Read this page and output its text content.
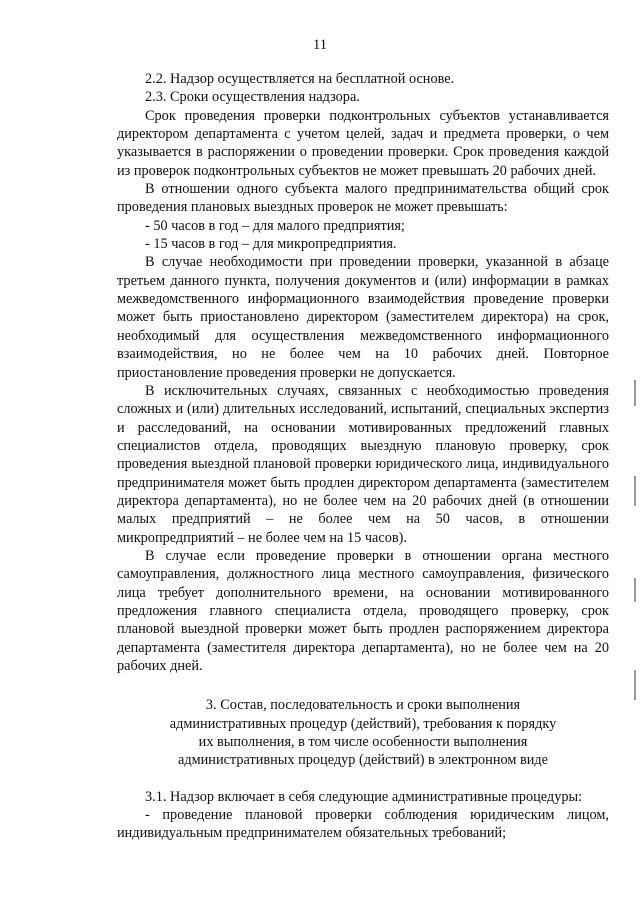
11

2.2. Надзор осуществляется на бесплатной основе.

2.3. Сроки осуществления надзора.

Срок проведения проверки подконтрольных субъектов устанавливается директором департамента с учетом целей, задач и предмета проверки, о чем указывается в распоряжении о проведении проверки. Срок проведения каждой из проверок подконтрольных субъектов не может превышать 20 рабочих дней.

В отношении одного субъекта малого предпринимательства общий срок проведения плановых выездных проверок не может превышать:

- 50 часов в год – для малого предприятия;

- 15 часов в год – для микропредприятия.

В случае необходимости при проведении проверки, указанной в абзаце третьем данного пункта, получения документов и (или) информации в рамках межведомственного информационного взаимодействия проведение проверки может быть приостановлено директором (заместителем директора) на срок, необходимый для осуществления межведомственного информационного взаимодействия, но не более чем на 10 рабочих дней. Повторное приостановление проведения проверки не допускается.

В исключительных случаях, связанных с необходимостью проведения сложных и (или) длительных исследований, испытаний, специальных экспертиз и расследований, на основании мотивированных предложений главных специалистов отдела, проводящих выездную плановую проверку, срок проведения выездной плановой проверки юридического лица, индивидуального предпринимателя может быть продлен директором департамента (заместителем директора департамента), но не более чем на 20 рабочих дней (в отношении малых предприятий – не более чем на 50 часов, в отношении микропредприятий – не более чем на 15 часов).

В случае если проведение проверки в отношении органа местного самоуправления, должностного лица местного самоуправления, физического лица требует дополнительного времени, на основании мотивированного предложения главного специалиста отдела, проводящего проверку, срок плановой выездной проверки может быть продлен распоряжением директора департамента (заместителя директора департамента), но не более чем на 20 рабочих дней.

3. Состав, последовательность и сроки выполнения
административных процедур (действий), требования к порядку
их выполнения, в том числе особенности выполнения
административных процедур (действий) в электронном виде

3.1. Надзор включает в себя следующие административные процедуры:

- проведение плановой проверки соблюдения юридическим лицом, индивидуальным предпринимателем обязательных требований;
